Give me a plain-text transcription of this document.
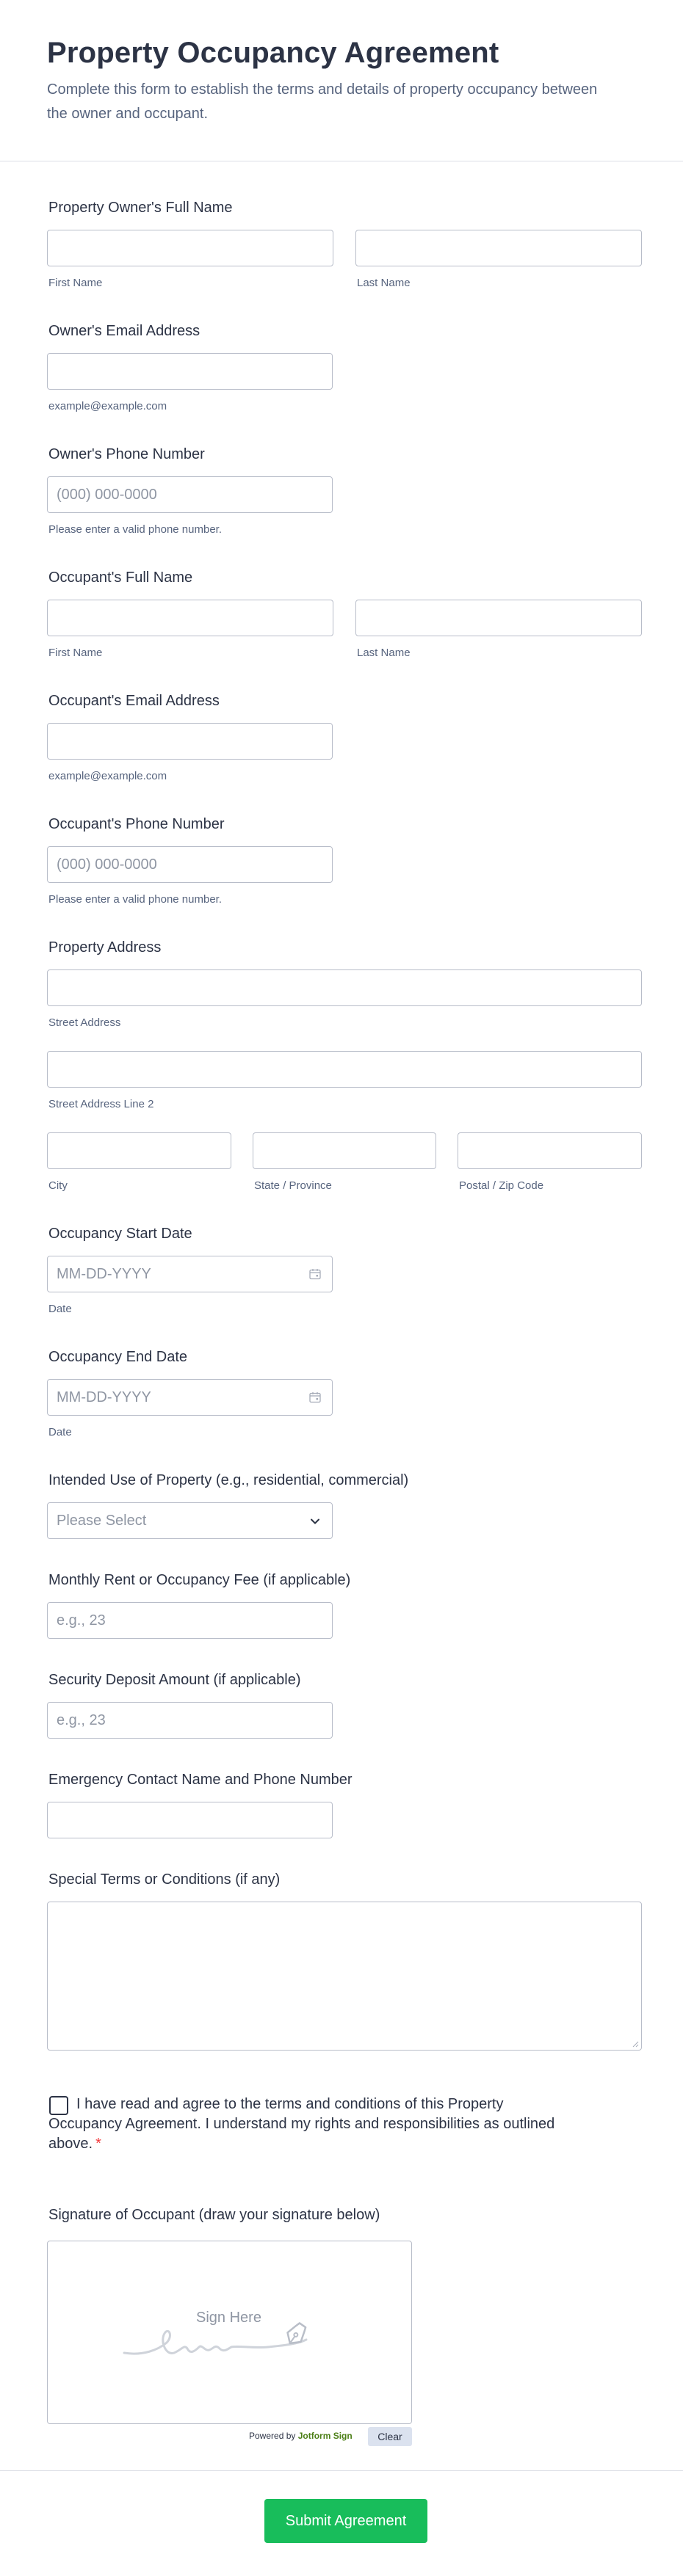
Property Occupancy Agreement
Complete this form to establish the terms and details of property occupancy between the owner and occupant.
Property Owner's Full Name
First Name	Last Name
Owner's Email Address
example@example.com
Owner's Phone Number
(000) 000-0000
Please enter a valid phone number.
Occupant's Full Name
First Name	Last Name
Occupant's Email Address
example@example.com
Occupant's Phone Number
(000) 000-0000
Please enter a valid phone number.
Property Address
Street Address
Street Address Line 2
City	State / Province	Postal / Zip Code
Occupancy Start Date
MM-DD-YYYY
Date
Occupancy End Date
MM-DD-YYYY
Date
Intended Use of Property (e.g., residential, commercial)
Please Select
Monthly Rent or Occupancy Fee (if applicable)
e.g., 23
Security Deposit Amount (if applicable)
e.g., 23
Emergency Contact Name and Phone Number
Special Terms or Conditions (if any)
I have read and agree to the terms and conditions of this Property Occupancy Agreement. I understand my rights and responsibilities as outlined above. *
Signature of Occupant (draw your signature below)
Sign Here
Powered by Jotform Sign	Clear
Submit Agreement
